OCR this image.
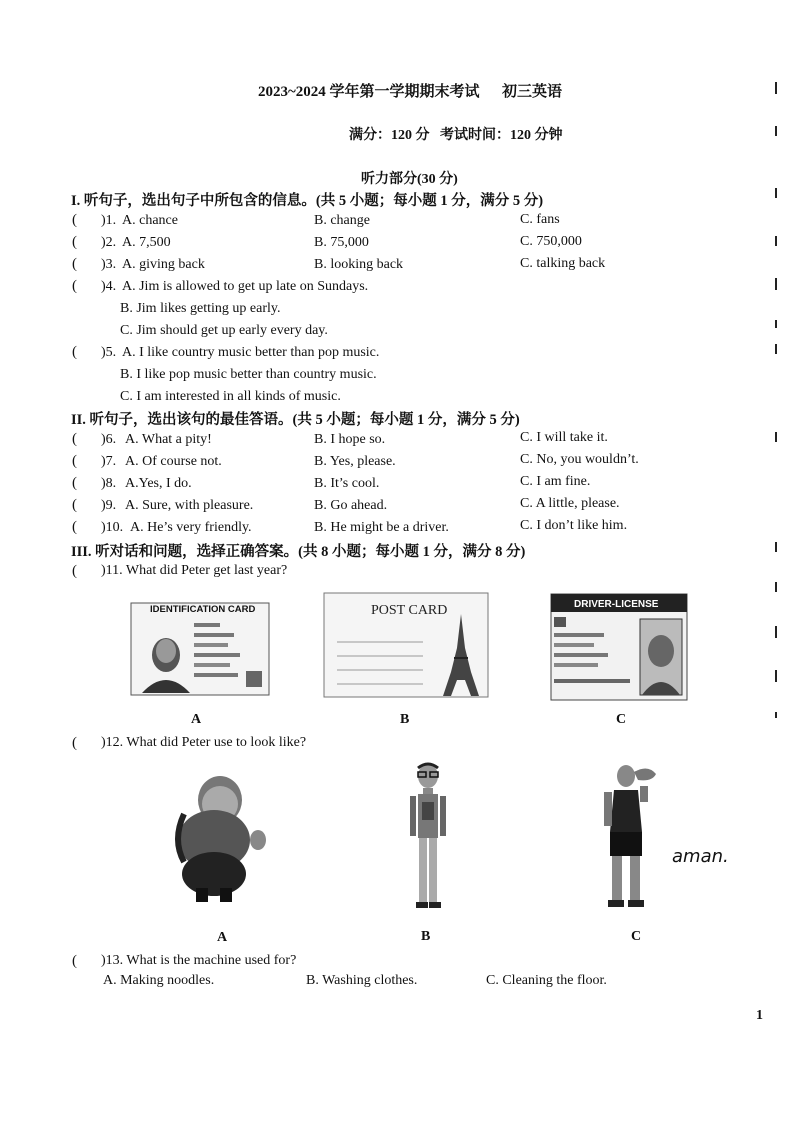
2023~2024 学年第一学期期末考试 初三英语
满分：120 分   考试时间：120 分钟
听力部分(30 分)
I. 听句子，选出句子中所包含的信息。(共 5 小题；每小题 1 分，满分 5 分)
( )1. A. chance	B. change	C. fans
( )2. A. 7,500	B. 75,000	C. 750,000
( )3. A. giving back	B. looking back	C. talking back
( )4. A. Jim is allowed to get up late on Sundays.
B. Jim likes getting up early.
C. Jim should get up early every day.
( )5. A. I like country music better than pop music.
B. I like pop music better than country music.
C. I am interested in all kinds of music.
II. 听句子，选出该句的最佳答语。(共 5 小题；每小题 1 分，满分 5 分)
( )6. A. What a pity!	B. I hope so.	C. I will take it.
( )7. A. Of course not.	B. Yes, please.	C. No, you wouldn’t.
( )8. A.Yes, I do.	B. It’s cool.	C. I am fine.
( )9. A. Sure, with pleasure.	B. Go ahead.	C. A little, please.
( )10. A. He’s very friendly.	B. He might be a driver.	C. I don’t like him.
III. 听对话和问题，选择正确答案。(共 8 小题；每小题 1 分，满分 8 分)
( )11. What did Peter get last year?
IDENTIFICATION CARD
A
POST CARD
B
DRIVER-LICENSE
C
( )12. What did Peter use to look like?
A	B
aman.
C
( )13. What is the machine used for?
A. Making noodles.	B. Washing clothes.	C. Cleaning the floor.
1
